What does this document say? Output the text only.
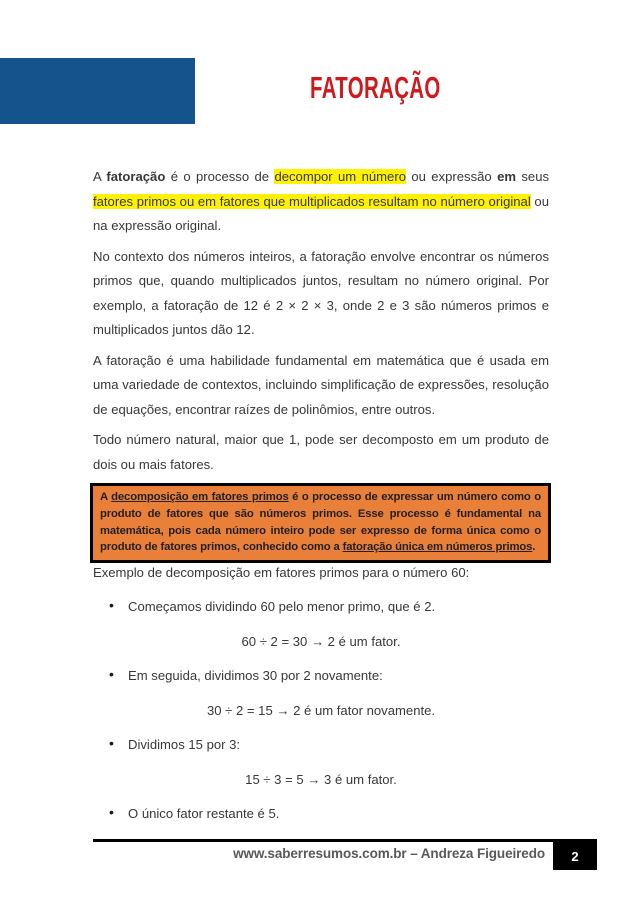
FATORAÇÃO

A fatoração é o processo de decompor um número ou expressão em seus fatores primos ou em fatores que multiplicados resultam no número original ou na expressão original.

No contexto dos números inteiros, a fatoração envolve encontrar os números primos que, quando multiplicados juntos, resultam no número original. Por exemplo, a fatoração de 12 é 2 × 2 × 3, onde 2 e 3 são números primos e multiplicados juntos dão 12.

A fatoração é uma habilidade fundamental em matemática que é usada em uma variedade de contextos, incluindo simplificação de expressões, resolução de equações, encontrar raízes de polinômios, entre outros.

Todo número natural, maior que 1, pode ser decomposto em um produto de dois ou mais fatores.

A decomposição em fatores primos é o processo de expressar um número como o produto de fatores que são números primos. Esse processo é fundamental na matemática, pois cada número inteiro pode ser expresso de forma única como o produto de fatores primos, conhecido como a fatoração única em números primos.

Exemplo de decomposição em fatores primos para o número 60:

• Começamos dividindo 60 pelo menor primo, que é 2.
60 ÷ 2 = 30 → 2 é um fator.
• Em seguida, dividimos 30 por 2 novamente:
30 ÷ 2 = 15 → 2 é um fator novamente.
• Dividimos 15 por 3:
15 ÷ 3 = 5 → 3 é um fator.
• O único fator restante é 5.
www.saberresumos.com.br – Andreza Figueiredo 2
